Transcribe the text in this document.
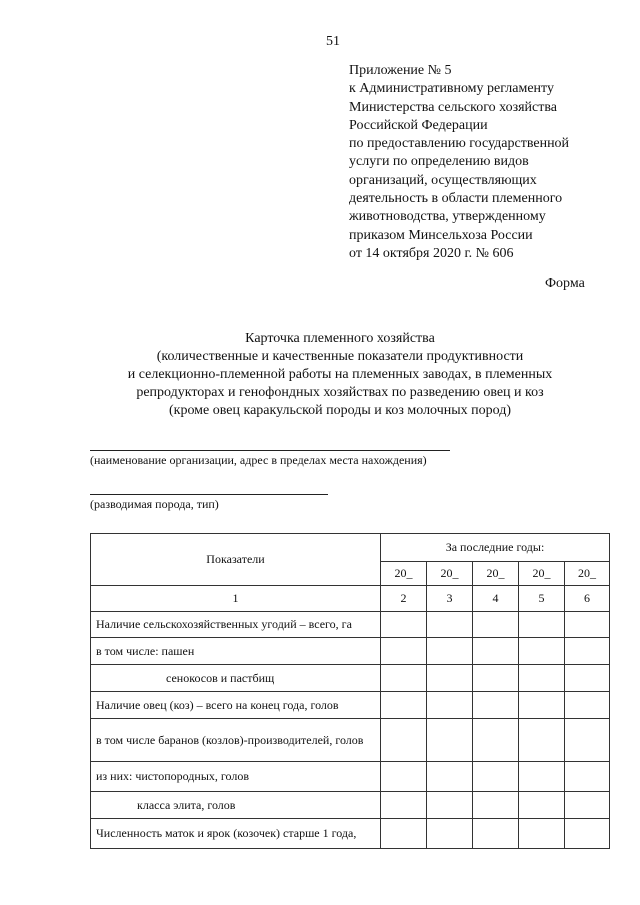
51
Приложение № 5
к Административному регламенту
Министерства сельского хозяйства
Российской Федерации
по предоставлению государственной
услуги по определению видов
организаций, осуществляющих
деятельность в области племенного
животноводства, утвержденному
приказом Минсельхоза России
от 14 октября 2020 г. № 606
Форма
Карточка племенного хозяйства
(количественные и качественные показатели продуктивности
и селекционно-племенной работы на племенных заводах, в племенных
репродукторах и генофондных хозяйствах по разведению овец и коз
(кроме овец каракульской породы и коз молочных пород)
(наименование организации, адрес в пределах места нахождения)
(разводимая порода, тип)
Показатели	За последние годы:				
	20_	20_	20_	20_	20_
1	2	3	4	5	6
Наличие сельскохозяйственных угодий – всего, га					
в том числе: пашен					
сенокосов и пастбищ					
Наличие овец (коз) – всего на конец года, голов					
в том числе баранов (козлов)-производителей, голов					
из них: чистопородных, голов					
класса элита, голов					
Численность маток и ярок (козочек) старше 1 года,					
